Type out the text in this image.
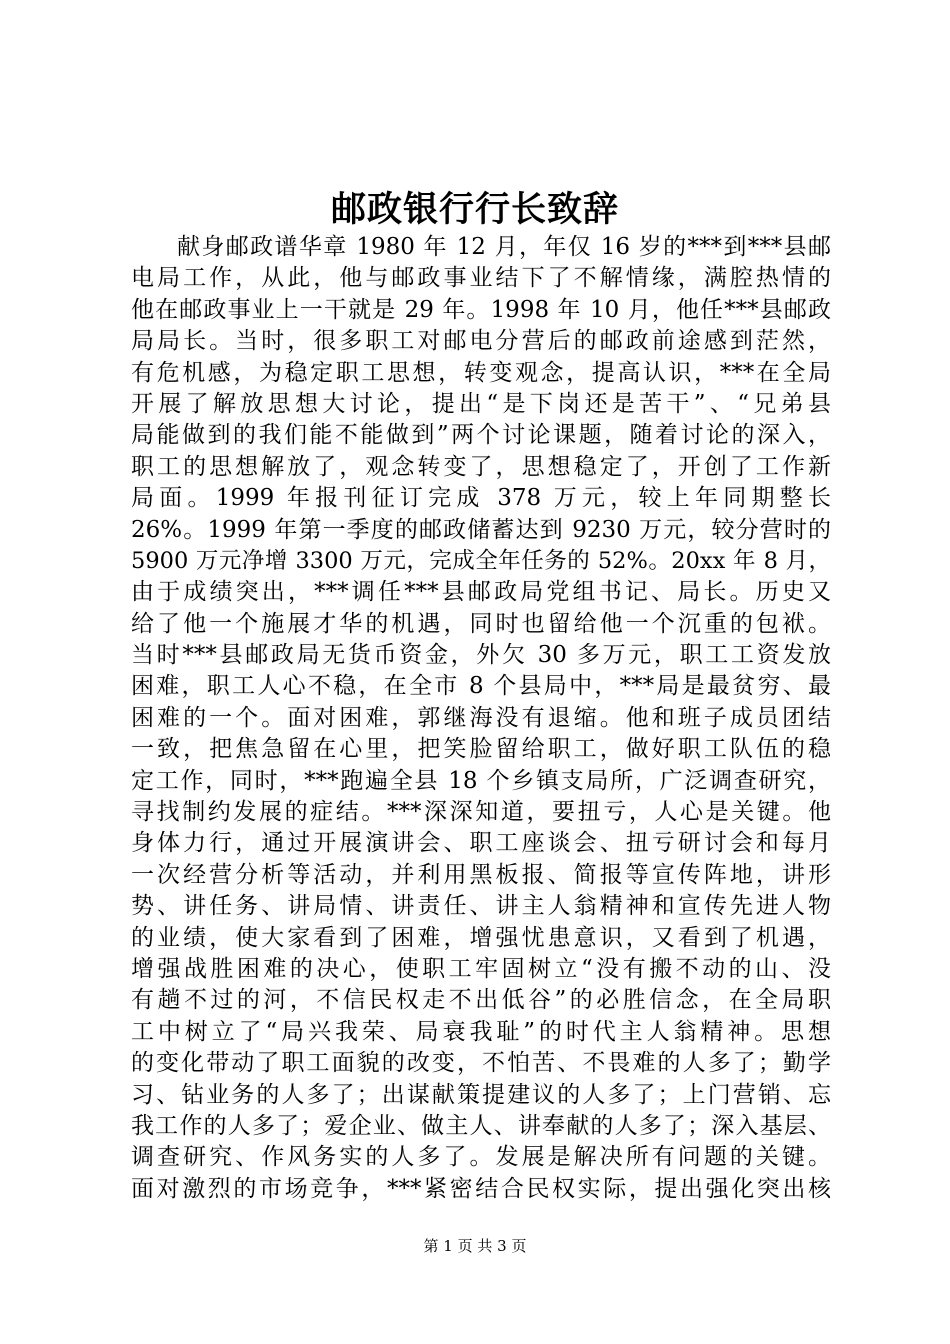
邮政银行行长致辞
献身邮政谱华章 1980 年 12 月，年仅 16 岁的***到***县邮
电局工作，从此，他与邮政事业结下了不解情缘，满腔热情的
他在邮政事业上一干就是 29 年。1998 年 10 月，他任***县邮政
局局长。当时，很多职工对邮电分营后的邮政前途感到茫然，
有危机感，为稳定职工思想，转变观念，提高认识，***在全局
开展了解放思想大讨论，提出“是下岗还是苦干”、“兄弟县
局能做到的我们能不能做到”两个讨论课题，随着讨论的深入，
职工的思想解放了，观念转变了，思想稳定了，开创了工作新
局面。1999 年报刊征订完成 378 万元，较上年同期整长
26%。1999 年第一季度的邮政储蓄达到 9230 万元，较分营时的
5900 万元净增 3300 万元，完成全年任务的 52%。20xx 年 8 月，
由于成绩突出，***调任***县邮政局党组书记、局长。历史又
给了他一个施展才华的机遇，同时也留给他一个沉重的包袱。
当时***县邮政局无货币资金，外欠 30 多万元，职工工资发放
困难，职工人心不稳，在全市 8 个县局中，***局是最贫穷、最
困难的一个。面对困难，郭继海没有退缩。他和班子成员团结
一致，把焦急留在心里，把笑脸留给职工，做好职工队伍的稳
定工作，同时，***跑遍全县 18 个乡镇支局所，广泛调查研究，
寻找制约发展的症结。***深深知道，要扭亏，人心是关键。他
身体力行，通过开展演讲会、职工座谈会、扭亏研讨会和每月
一次经营分析等活动，并利用黑板报、简报等宣传阵地，讲形
势、讲任务、讲局情、讲责任、讲主人翁精神和宣传先进人物
的业绩，使大家看到了困难，增强忧患意识，又看到了机遇，
增强战胜困难的决心，使职工牢固树立“没有搬不动的山、没
有趟不过的河，不信民权走不出低谷”的必胜信念，在全局职
工中树立了“局兴我荣、局衰我耻”的时代主人翁精神。思想
的变化带动了职工面貌的改变，不怕苦、不畏难的人多了；勤学
习、钻业务的人多了；出谋献策提建议的人多了；上门营销、忘
我工作的人多了；爱企业、做主人、讲奉献的人多了；深入基层、
调查研究、作风务实的人多了。发展是解决所有问题的关键。
面对激烈的市场竞争，***紧密结合民权实际，提出强化突出核
第 1 页 共 3 页
